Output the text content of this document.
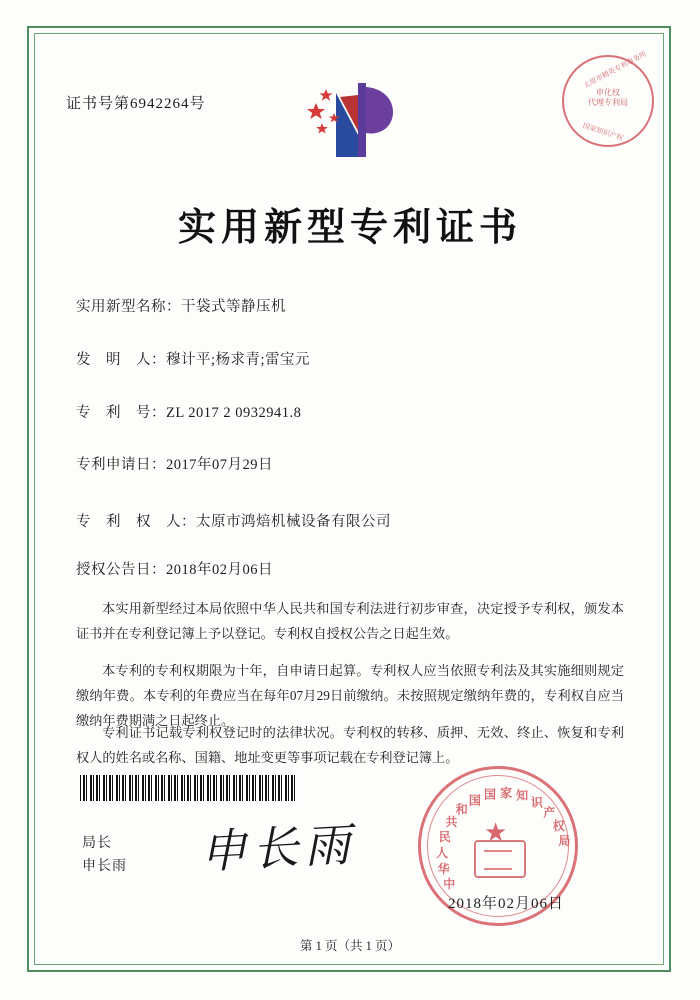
证书号第6942264号
太原市精英专利事务所
国家知识产权
申化权
代理专利局
实用新型专利证书
实用新型名称：干袋式等静压机
发　明　人：穆计平;杨求青;雷宝元
专　利　号：ZL 2017 2 0932941.8
专利申请日：2017年07月29日
专　利　权　人：太原市鸿焙机械设备有限公司
授权公告日：2018年02月06日
本实用新型经过本局依照中华人民共和国专利法进行初步审查，决定授予专利权，颁发本证书并在专利登记簿上予以登记。专利权自授权公告之日起生效。
本专利的专利权期限为十年，自申请日起算。专利权人应当依照专利法及其实施细则规定缴纳年费。本专利的年费应当在每年07月29日前缴纳。未按照规定缴纳年费的，专利权自应当缴纳年费期满之日起终止。
专利证书记载专利权登记时的法律状况。专利权的转移、质押、无效、终止、恢复和专利权人的姓名或名称、国籍、地址变更等事项记载在专利登记簿上。
局长
申长雨 申长雨	★
中
华
人
民
共
和
国 国 家 知 识
产
权
局
2018年02月06日
第 1 页（共 1 页）
